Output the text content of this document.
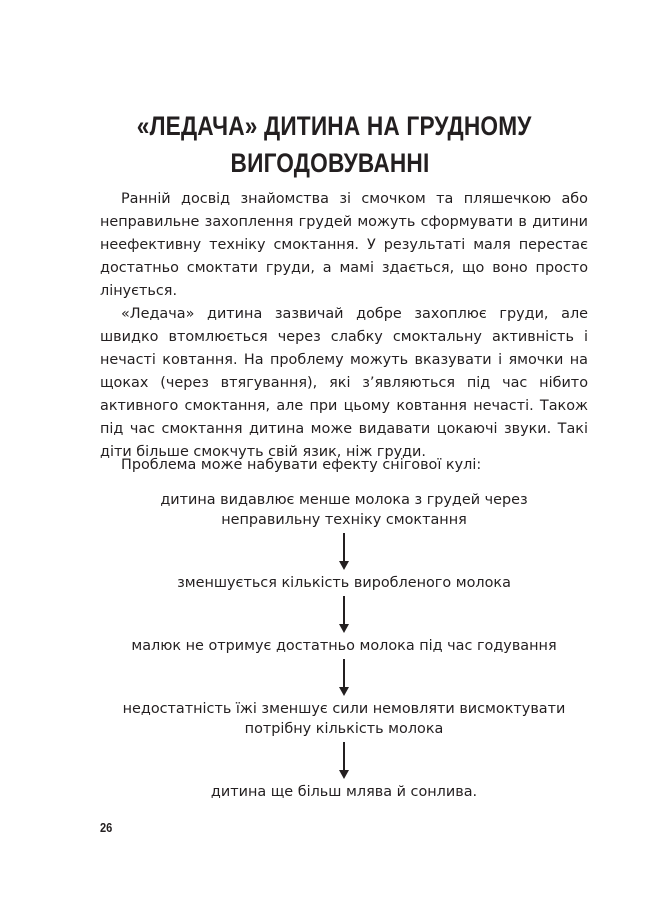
«ЛЕДАЧА» ДИТИНА НА ГРУДНОМУ
ВИГОДОВУВАННІ

Ранній досвід знайомства зі смочком та пляшечкою або неправильне захоплення грудей можуть сформувати в дитини неефективну техніку смоктання. У результаті маля перестає достатньо смоктати груди, а мамі здається, що воно просто лінується.

«Ледача» дитина зазвичай добре захоплює груди, але швидко втомлюється через слабку смоктальну активність і нечасті ковтання. На проблему можуть вказувати і ямочки на щоках (через втягування), які з’являються під час нібито активного смоктання, але при цьому ковтання нечасті. Також під час смоктання дитина може видавати цокаючі звуки. Такі діти більше смокчуть свій язик, ніж груди.

Проблема може набувати ефекту снігової кулі:
дитина видавлює менше молока з грудей через
неправильну техніку смоктання
зменшується кількість виробленого молока
малюк не отримує достатньо молока під час годування
недостатність їжі зменшує сили немовляти висмоктувати
потрібну кількість молока
дитина ще більш млява й сонлива.
26
